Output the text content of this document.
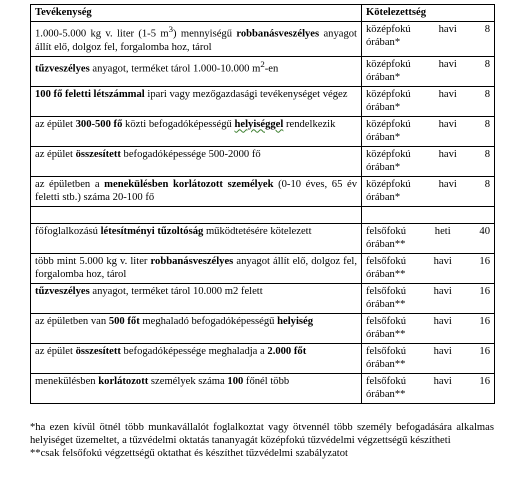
Tevékenység	Kötelezettség
1.000-5.000 kg v. liter (1-5 $m^3$) mennyiségű robbanásveszélyes anyagot állít elő, dolgoz fel, forgalomba hoz, tárol	középfokú havi 8
órában*

tűzveszélyes anyagot, terméket tárol 1.000-10.000 $m^2-en$	középfokú havi 8
órában*

100 fő feletti létszámmal ipari vagy mezőgazdasági tevékenységet végez	középfokú havi 8
órában*

az épület 300-500 fő közti befogadóképességű helyiséggel rendelkezik	középfokú havi 8
órában*

az épület összesített befogadóképessége 500-2000 fő	középfokú havi 8
órában*

az épületben a menekülésben korlátozott személyek (0-10 éves, 65 év feletti stb.) száma 20-100 fő	középfokú havi 8
órában*

főfoglalkozású létesítményi tűzoltóság működtetésére kötelezett	felsőfokú heti 40
órában**

több mint 5.000 kg v. liter robbanásveszélyes anyagot állít elő, dolgoz fel, forgalomba hoz, tárol	felsőfokú havi 16
órában**

tűzveszélyes anyagot, terméket tárol 10.000 m2 felett	felsőfokú havi 16
órában**

az épületben van 500 főt meghaladó befogadóképességű helyiség	felsőfokú havi 16
órában**

az épület összesített befogadóképessége meghaladja a 2.000 főt	felsőfokú havi 16
órában**

menekülésben korlátozott személyek száma 100 főnél több	felsőfokú havi 16
órában**

*ha ezen kívül ötnél több munkavállalót foglalkoztat vagy ötvennél több személy befogadására alkalmas helyiséget üzemeltet, a tűzvédelmi oktatás tananyagát középfokú tűzvédelmi végzettségű készítheti

**csak felsőfokú végzettségű oktathat és készíthet tűzvédelmi szabályzatot
